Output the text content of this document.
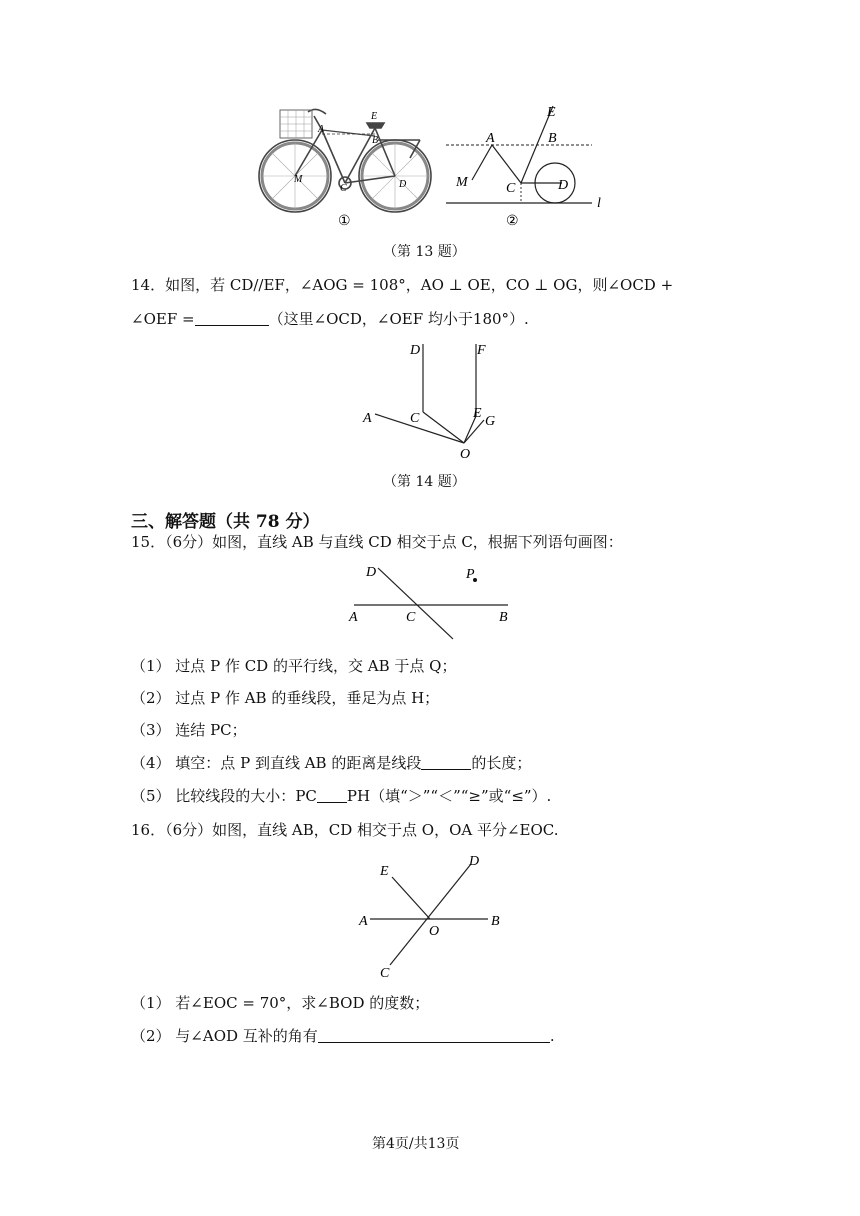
E
A
B
M
C	D
①
E
A	B
M	C	D
l
②
（第 13 题）
14．如图，若 CD//EF，∠AOG = 108°，AO ⊥ OE，CO ⊥ OG，则∠OCD +
∠OEF =	（这里∠OCD，∠OEF 均小于180°）.
D	F
A	C	E
G
O
（第 14 题）
三、解答题（共 78 分）
15．（6分）如图，直线 AB 与直线 CD 相交于点 C，根据下列语句画图：
D	P
A	C	B
（1） 过点 P 作 CD 的平行线，交 AB 于点 Q；
（2） 过点 P 作 AB 的垂线段，垂足为点 H；
（3） 连结 PC；
（4） 填空：点 P 到直线 AB 的距离是线段	的长度；
（5） 比较线段的大小：PC PH（填“＞”“＜”“≥”或“≤”）.
16．（6分）如图，直线 AB，CD 相交于点 O，OA 平分∠EOC.
E
D
A
O
B
C
（1） 若∠EOC = 70°，求∠BOD 的度数；
（2） 与∠AOD 互补的角有	.
第4页/共13页
